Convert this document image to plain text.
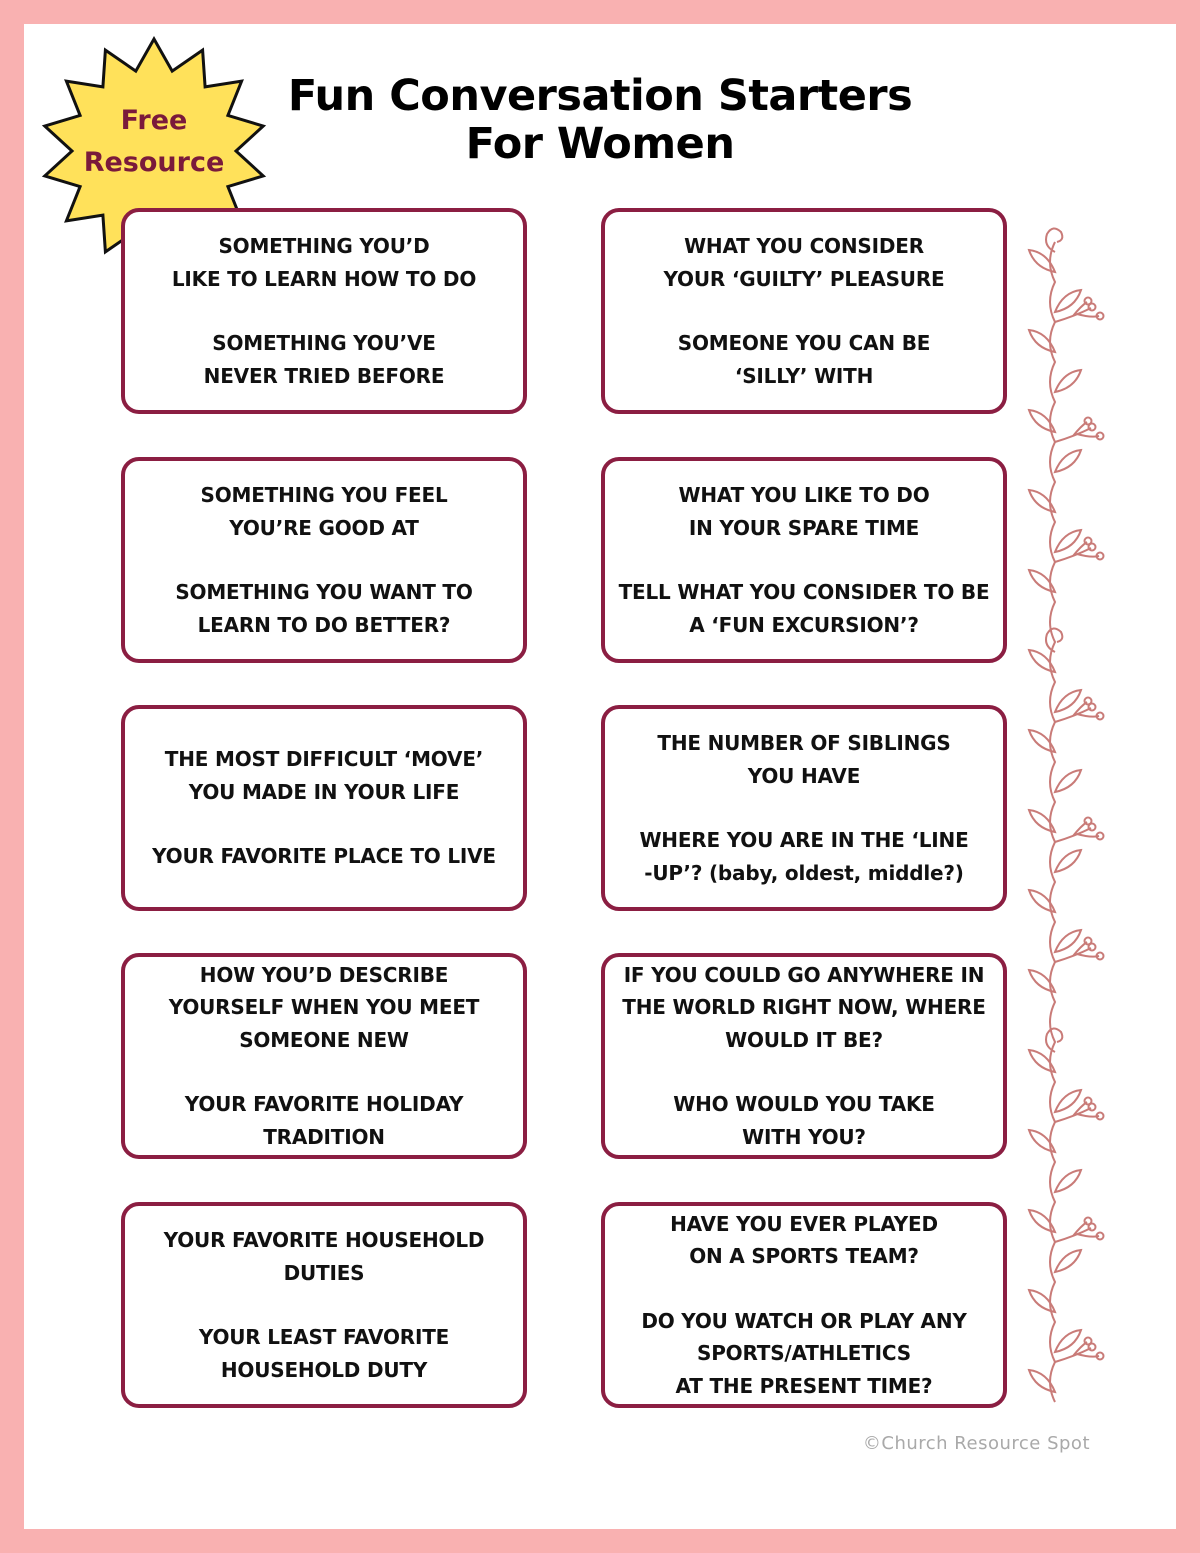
Free
Resource
Fun Conversation Starters
For Women
SOMETHING YOU’D
LIKE TO LEARN HOW TO DO
SOMETHING YOU’VE
NEVER TRIED BEFORE
WHAT YOU CONSIDER
YOUR ‘GUILTY’ PLEASURE
SOMEONE YOU CAN BE
‘SILLY’ WITH
SOMETHING YOU FEEL
YOU’RE GOOD AT
SOMETHING YOU WANT TO
LEARN TO DO BETTER?
WHAT YOU LIKE TO DO
IN YOUR SPARE TIME
TELL WHAT YOU CONSIDER TO BE
A ‘FUN EXCURSION’?
THE MOST DIFFICULT ‘MOVE’
YOU MADE IN YOUR LIFE
YOUR FAVORITE PLACE TO LIVE
THE NUMBER OF SIBLINGS
YOU HAVE
WHERE YOU ARE IN THE ‘LINE
-UP’? (baby, oldest, middle?)
HOW YOU’D DESCRIBE
YOURSELF WHEN YOU MEET
SOMEONE NEW
YOUR FAVORITE HOLIDAY
TRADITION
IF YOU COULD GO ANYWHERE IN
THE WORLD RIGHT NOW, WHERE
WOULD IT BE?
WHO WOULD YOU TAKE
WITH YOU?
YOUR FAVORITE HOUSEHOLD
DUTIES
YOUR LEAST FAVORITE
HOUSEHOLD DUTY
HAVE YOU EVER PLAYED
ON A SPORTS TEAM?
DO YOU WATCH OR PLAY ANY
SPORTS/ATHLETICS
AT THE PRESENT TIME?
©Church Resource Spot
